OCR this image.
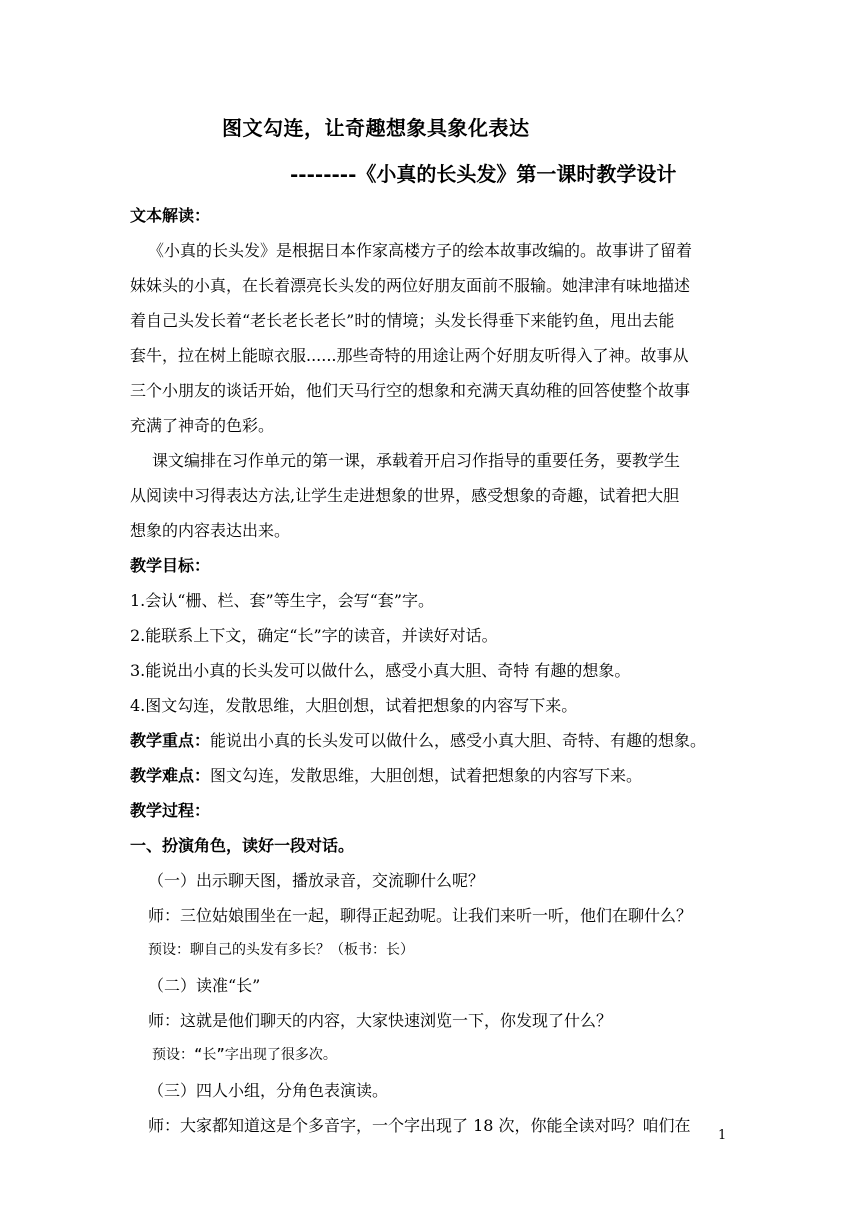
图文勾连，让奇趣想象具象化表达
--------《小真的长头发》第一课时教学设计
文本解读：
《小真的长头发》是根据日本作家高楼方子的绘本故事改编的。故事讲了留着
妹妹头的小真，在长着漂亮长头发的两位好朋友面前不服输。她津津有味地描述
着自己头发长着“老长老长老长”时的情境；头发长得垂下来能钓鱼，甩出去能
套牛，拉在树上能晾衣服......那些奇特的用途让两个好朋友听得入了神。故事从
三个小朋友的谈话开始，他们天马行空的想象和充满天真幼稚的回答使整个故事
充满了神奇的色彩。
课文编排在习作单元的第一课，承载着开启习作指导的重要任务，要教学生
从阅读中习得表达方法,让学生走进想象的世界，感受想象的奇趣，试着把大胆
想象的内容表达出来。
教学目标：
1.会认“栅、栏、套”等生字，会写“套”字。
2.能联系上下文，确定“长”字的读音，并读好对话。
3.能说出小真的长头发可以做什么，感受小真大胆、奇特 有趣的想象。
4.图文勾连，发散思维，大胆创想，试着把想象的内容写下来。
教学重点：能说出小真的长头发可以做什么，感受小真大胆、奇特、有趣的想象。
教学难点：图文勾连，发散思维，大胆创想，试着把想象的内容写下来。
教学过程：
一、扮演角色，读好一段对话。
（一）出示聊天图，播放录音，交流聊什么呢？
师：三位姑娘围坐在一起，聊得正起劲呢。让我们来听一听，他们在聊什么？
预设：聊自己的头发有多长？（板书：长）
（二）读准“长”
师：这就是他们聊天的内容，大家快速浏览一下，你发现了什么？
预设：“长”字出现了很多次。
（三）四人小组，分角色表演读。
师：大家都知道这是个多音字，一个字出现了 18 次，你能全读对吗？咱们在
1
